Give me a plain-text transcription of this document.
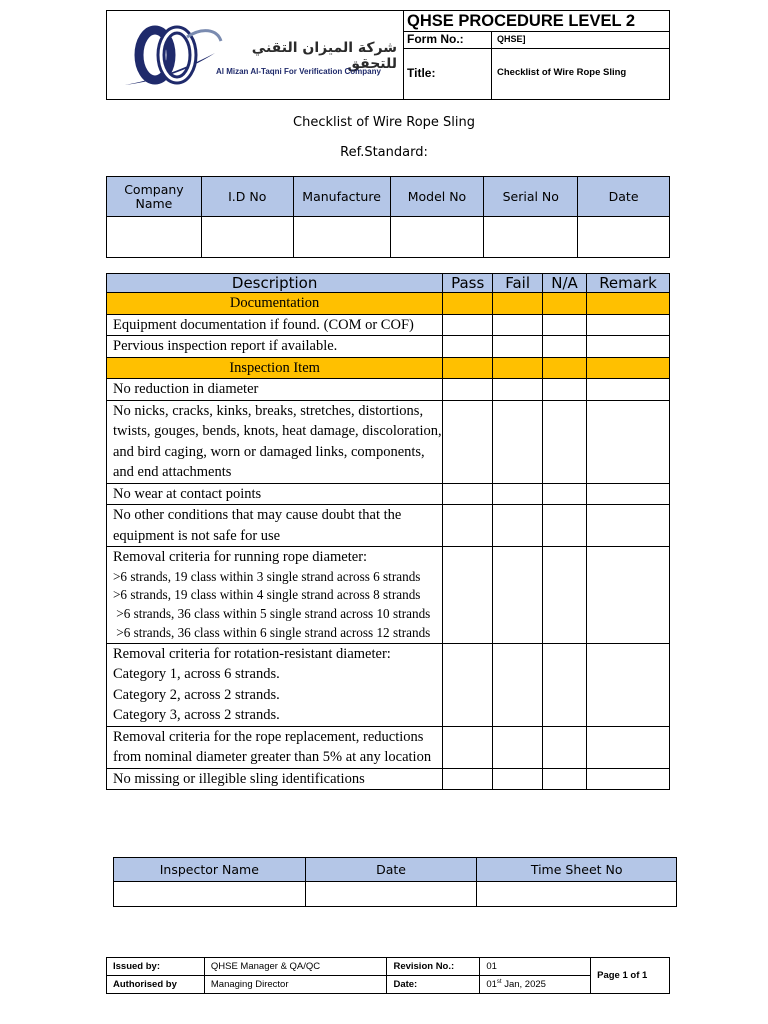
شركة الميزان التقني للتحقق
Al Mizan Al-Taqni For Verification Company
QHSE PROCEDURE LEVEL 2
Form No.:	QHSE]
Title:	Checklist of Wire Rope Sling
Checklist of Wire Rope Sling
Ref.Standard:
Company Name	I.D No	Manufacture	Model No	Serial No	Date

Description	Pass	Fail	N/A	Remark
Documentation				
Equipment documentation if found. (COM or COF)				
Pervious inspection report if available.				
Inspection Item				
No reduction in diameter				
No nicks, cracks, kinks, breaks, stretches, distortions, twists, gouges, bends, knots, heat damage, discoloration, and bird caging, worn or damaged links, components, and end attachments				
No wear at contact points				
No other conditions that may cause doubt that the equipment is not safe for use				

Removal criteria for running rope diameter:
>6 strands, 19 class within 3 single strand across 6 strands
>6 strands, 19 class within 4 single strand across 8 strands
>6 strands, 36 class within 5 single strand across 10 strands
>6 strands, 36 class within 6 single strand across 12 strands				

Removal criteria for rotation-resistant diameter:
Category 1, across 6 strands.
Category 2, across 2 strands.
Category 3, across 2 strands.				

Removal criteria for the rope replacement, reductions from nominal diameter greater than 5% at any location				
No missing or illegible sling identifications				
Inspector Name	Date	Time Sheet No

Issued by:	QHSE Manager & QA/QC	Revision No.:	01	Page 1 of 1
Authorised by	Managing Director	Date:	01st Jan, 2025	
